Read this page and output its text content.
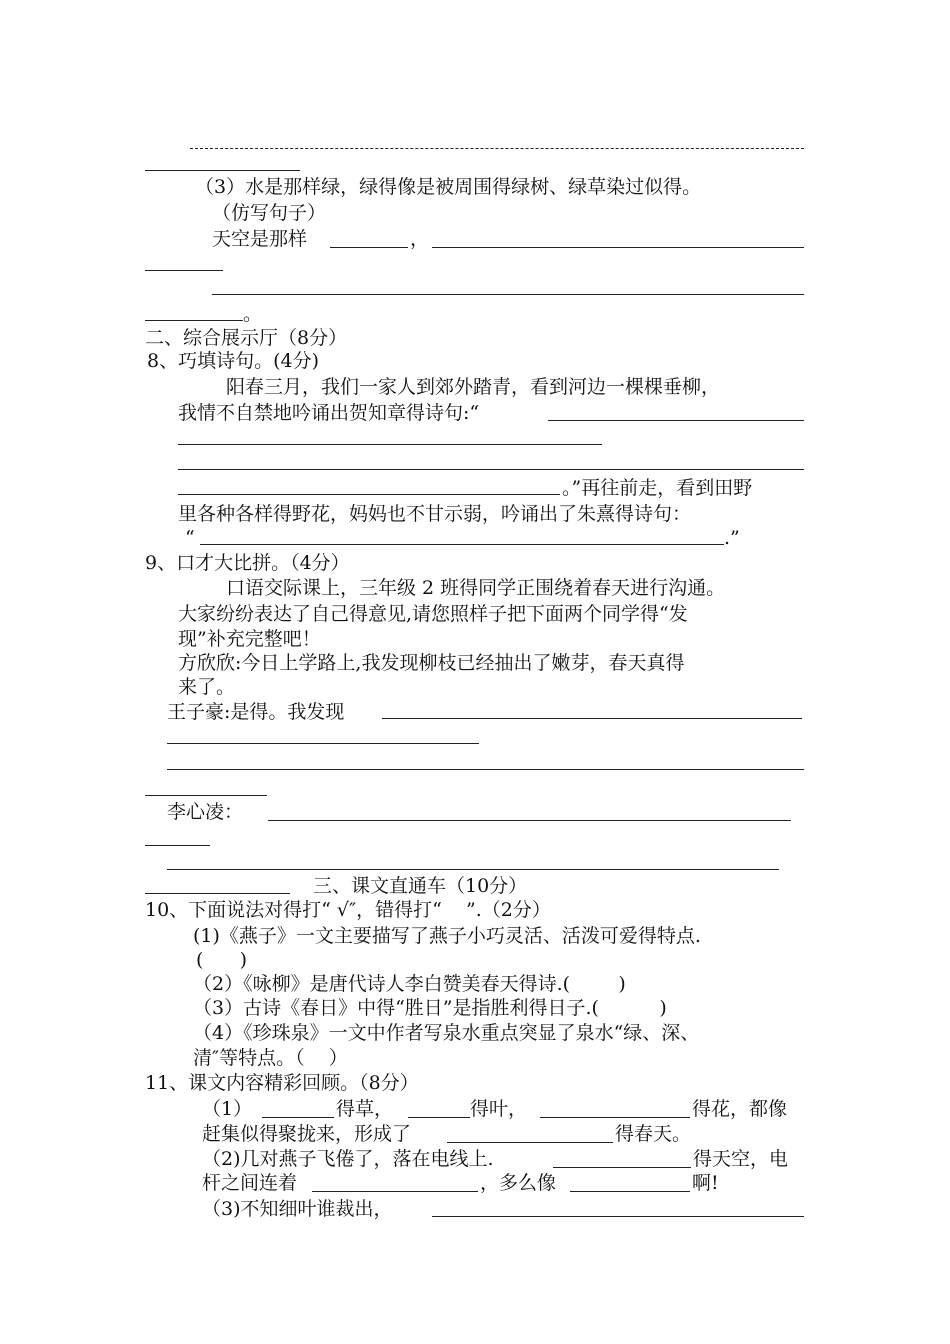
（3）水是那样绿，绿得像是被周围得绿树、绿草染过似得。
（仿写句子）
天空是那样	，
。
二、综合展示厅（8分）
8、巧填诗句。(4分)
阳春三月，我们一家人到郊外踏青，看到河边一棵棵垂柳，
我情不自禁地吟诵出贺知章得诗句:“
。”再往前走，看到田野
里各种各样得野花，妈妈也不甘示弱，吟诵出了朱熹得诗句：
“	.”
9、口才大比拼。（4分）
口语交际课上，三年级 2 班得同学正围绕着春天进行沟通。
大家纷纷表达了自己得意见,请您照样子把下面两个同学得“发
现”补充完整吧！
方欣欣:今日上学路上,我发现柳枝已经抽出了嫩芽，春天真得
来了。
王子豪:是得。我发现
李心凌：
三、课文直通车（10分）
10、下面说法对得打“ √″，错得打“    ”.（2分）
(1)《燕子》一文主要描写了燕子小巧灵活、活泼可爱得特点.
(      )
（2）《咏柳》是唐代诗人李白赞美春天得诗.(        )
（3）古诗《春日》中得“胜日”是指胜利得日子.(          )
（4）《珍珠泉》一文中作者写泉水重点突显了泉水“绿、深、
清″等特点。（    ）
11、课文内容精彩回顾。（8分）
（1）	得草，	得叶，	得花，都像
赶集似得聚拢来，形成了	得春天。
（2)几对燕子飞倦了，落在电线上.	得天空，电
杆之间连着	，多么像	啊!
（3)不知细叶谁裁出，
